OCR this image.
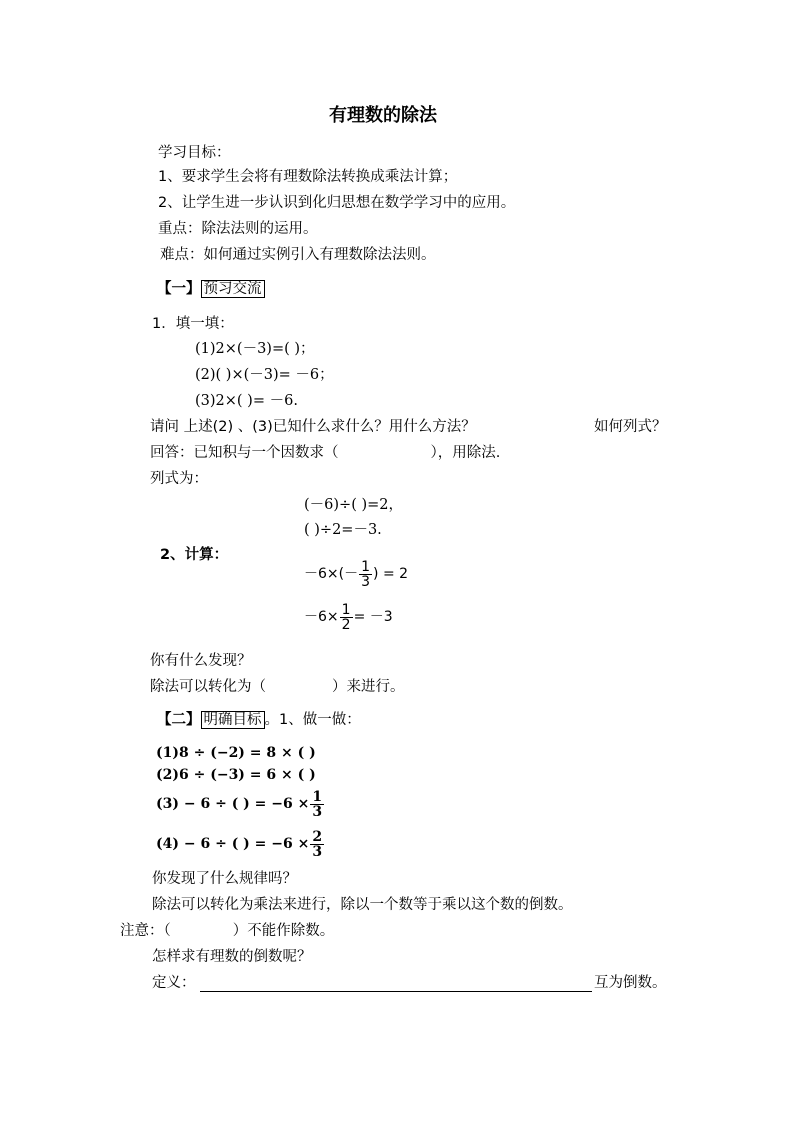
有理数的除法
学习目标：
1、要求学生会将有理数除法转换成乘法计算；
2、让学生进一步认识到化归思想在数学学习中的应用。
重点：除法法则的运用。
难点：如何通过实例引入有理数除法法则。
【一】 预习交流
1．填一填：
(1)2×(－3)=( )；
(2)( )×(－3)= －6；
(3)2×( )= －6.
请问 上述(2) 、(3)已知什么求什么？用什么方法？	如何列式？
回答：已知积与一个因数求（	），用除法.
列式为：
(－6)÷( )=2，
( )÷2=－3.
2、计算：
$-6\times(- \frac{1}{3}$ ) = 2
$-6\times \frac{1}{2} = -3$
你有什么发现？
除法可以转化为（	）来进行。
【二】 明确目标 。1、做一做：
(1)8 ÷ (−2) = 8 × ( )
(2)6 ÷ (−3) = 6 × ( )
(3) − 6 ÷ ( ) = $-6 \times \frac{1}{3}$
(4) − 6 ÷ ( ) = $-6 \times \frac{2}{3}$
你发现了什么规律吗？
除法可以转化为乘法来进行，除以一个数等于乘以这个数的倒数。
注意：（	）不能作除数。
怎样求有理数的倒数呢？
定义：	互为倒数。
